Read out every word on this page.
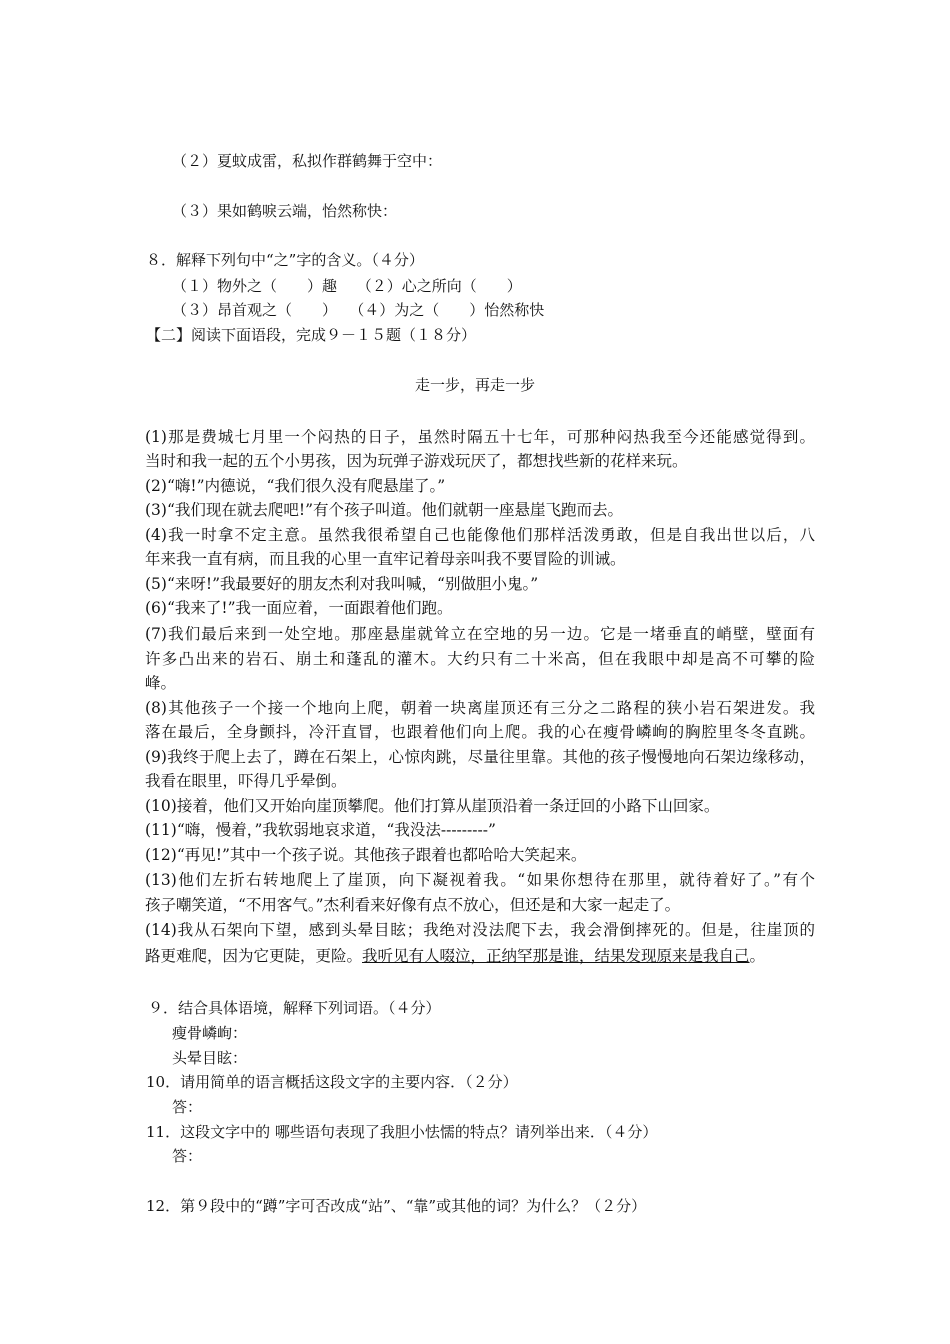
（２）夏蚊成雷，私拟作群鹤舞于空中：
（３）果如鹤唳云端，怡然称快：
８．解释下列句中“之”字的含义。（４分）
（１）物外之（　　）趣　 （２）心之所向（　　）
（３）昂首观之（　　）　 （４）为之（　　）怡然称快
【二】阅读下面语段，完成９－１５题（１８分）
走一步，再走一步
(1)那是费城七月里一个闷热的日子，虽然时隔五十七年，可那种闷热我至今还能感觉得到。
当时和我一起的五个小男孩，因为玩弹子游戏玩厌了，都想找些新的花样来玩。
(2)“嗨!”内德说，“我们很久没有爬悬崖了。”
(3)“我们现在就去爬吧!”有个孩子叫道。他们就朝一座悬崖飞跑而去。
(4)我一时拿不定主意。虽然我很希望自己也能像他们那样活泼勇敢，但是自我出世以后，八
年来我一直有病，而且我的心里一直牢记着母亲叫我不要冒险的训诫。
(5)“来呀!”我最要好的朋友杰利对我叫喊，“别做胆小鬼。”
(6)“我来了!”我一面应着，一面跟着他们跑。
(7)我们最后来到一处空地。那座悬崖就耸立在空地的另一边。它是一堵垂直的峭壁，壁面有
许多凸出来的岩石、崩土和蓬乱的灌木。大约只有二十米高，但在我眼中却是高不可攀的险
峰。
(8)其他孩子一个接一个地向上爬，朝着一块离崖顶还有三分之二路程的狭小岩石架进发。我
落在最后，全身颤抖，冷汗直冒，也跟着他们向上爬。我的心在瘦骨嶙峋的胸腔里冬冬直跳。
(9)我终于爬上去了，蹲在石架上，心惊肉跳，尽量往里靠。其他的孩子慢慢地向石架边缘移动，
我看在眼里，吓得几乎晕倒。
(10)接着，他们又开始向崖顶攀爬。他们打算从崖顶沿着一条迂回的小路下山回家。
(11)“嗨，慢着，”我软弱地哀求道，“我没法---------”
(12)“再见!”其中一个孩子说。其他孩子跟着也都哈哈大笑起来。
(13)他们左折右转地爬上了崖顶，向下凝视着我。“如果你想待在那里，就待着好了。”有个
孩子嘲笑道，“不用客气。”杰利看来好像有点不放心，但还是和大家一起走了。
(14)我从石架向下望，感到头晕目眩；我绝对没法爬下去，我会滑倒摔死的。但是，往崖顶的
路更难爬，因为它更陡，更险。我听见有人啜泣，正纳罕那是谁，结果发现原来是我自己。
９．结合具体语境，解释下列词语。（４分）
瘦骨嶙峋：
头晕目眩：
10．请用简单的语言概括这段文字的主要内容．（２分）
答：
11．这段文字中的 哪些语句表现了我胆小怯懦的特点？请列举出来．（４分）
答：
12．第９段中的“蹲”字可否改成“站”、“靠”或其他的词？为什么？（２分）
